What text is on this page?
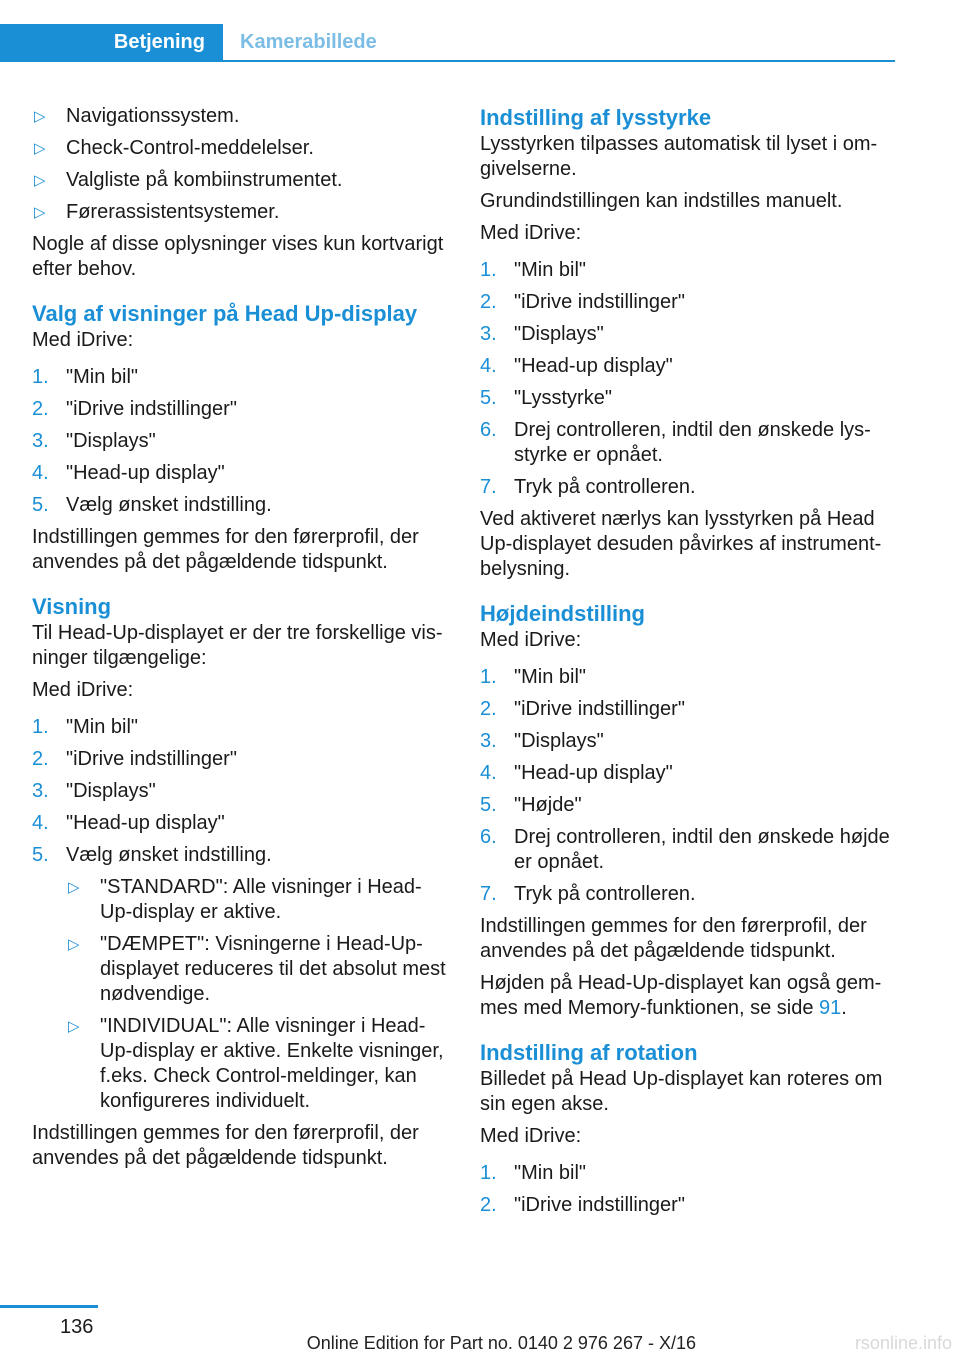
Betjening	Kamerabillede
▷ Navigationssystem.
▷ Check-Control-meddelelser.
▷ Valgliste på kombiinstrumentet.
▷ Førerassistentsystemer.

Nogle af disse oplysninger vises kun kortvarigt efter behov.

Valg af visninger på Head Up-display

Med iDrive:

1. "Min bil"
2. "iDrive indstillinger"
3. "Displays"
4. "Head-up display"
5. Vælg ønsket indstilling.

Indstillingen gemmes for den førerprofil, der anvendes på det pågældende tidspunkt.

Visning

Til Head-Up-displayet er der tre forskellige vis- ninger tilgængelige:

Med iDrive:

1. "Min bil"
2. "iDrive indstillinger"
3. "Displays"
4. "Head-up display"
5. Vælg ønsket indstilling.
▷ "STANDARD": Alle visninger i Head- Up-display er aktive.
▷ "DÆMPET": Visningerne i Head-Up- displayet reduceres til det absolut mest nødvendige.
▷ "INDIVIDUAL": Alle visninger i Head- Up-display er aktive. Enkelte visninger, f.eks. Check Control-meldinger, kan konfigureres individuelt.

Indstillingen gemmes for den førerprofil, der anvendes på det pågældende tidspunkt.

Indstilling af lysstyrke

Lysstyrken tilpasses automatisk til lyset i om- givelserne.

Grundindstillingen kan indstilles manuelt.

Med iDrive:

1. "Min bil"
2. "iDrive indstillinger"
3. "Displays"
4. "Head-up display"
5. "Lysstyrke"
6. Drej controlleren, indtil den ønskede lys- styrke er opnået.
7. Tryk på controlleren.

Ved aktiveret nærlys kan lysstyrken på Head Up-displayet desuden påvirkes af instrument- belysning.

Højdeindstilling

Med iDrive:

1. "Min bil"
2. "iDrive indstillinger"
3. "Displays"
4. "Head-up display"
5. "Højde"
6. Drej controlleren, indtil den ønskede højde er opnået.
7. Tryk på controlleren.

Indstillingen gemmes for den førerprofil, der anvendes på det pågældende tidspunkt.

Højden på Head-Up-displayet kan også gem- mes med Memory-funktionen, se side 91.

Indstilling af rotation

Billedet på Head Up-displayet kan roteres om sin egen akse.

Med iDrive:

1. "Min bil"
2. "iDrive indstillinger"
136
Online Edition for Part no. 0140 2 976 267 - X/16	rsonline.info
